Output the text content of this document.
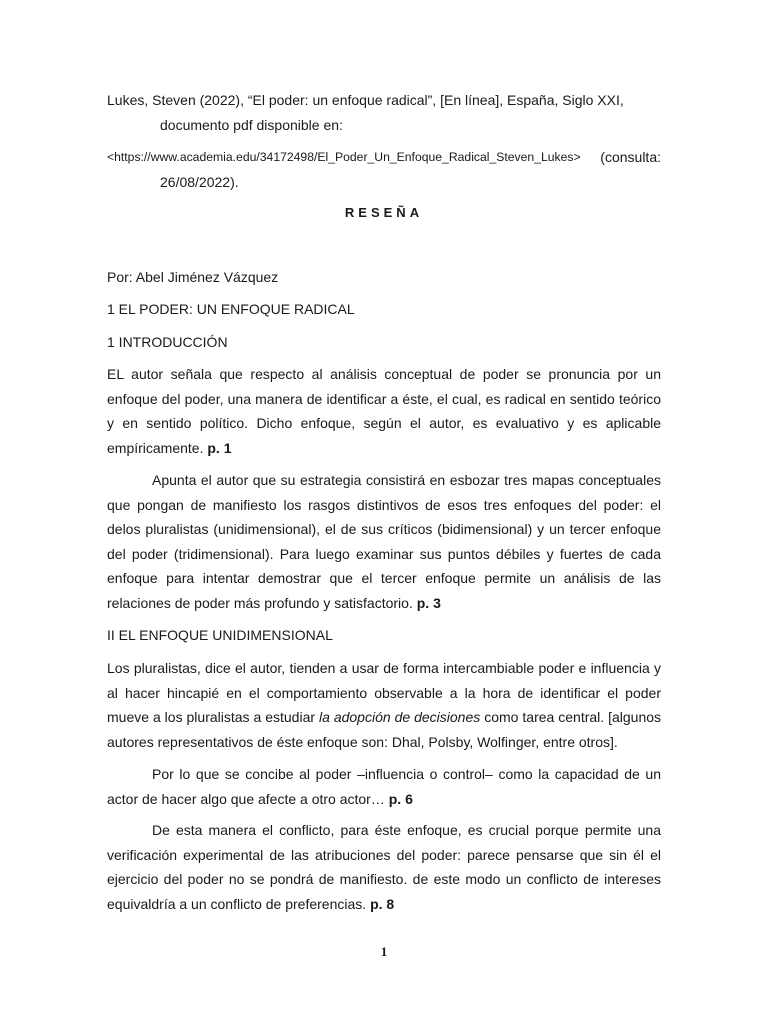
Lukes, Steven (2022), “El poder: un enfoque radical”, [En línea], España, Siglo XXI,

documento pdf disponible en:

<https://www.academia.edu/34172498/El_Poder_Un_Enfoque_Radical_Steven_Lukes> (consulta:

26/08/2022).

RESEÑA

Por: Abel Jiménez Vázquez

1 EL PODER: UN ENFOQUE RADICAL

1 INTRODUCCIÓN

EL autor señala que respecto al análisis conceptual de poder se pronuncia por un enfoque del poder, una manera de identificar a éste, el cual, es radical en sentido teórico y en sentido político. Dicho enfoque, según el autor, es evaluativo y es aplicable empíricamente. p. 1

Apunta el autor que su estrategia consistirá en esbozar tres mapas conceptuales que pongan de manifiesto los rasgos distintivos de esos tres enfoques del poder: el delos pluralistas (unidimensional), el de sus críticos (bidimensional) y un tercer enfoque del poder (tridimensional). Para luego examinar sus puntos débiles y fuertes de cada enfoque para intentar demostrar que el tercer enfoque permite un análisis de las relaciones de poder más profundo y satisfactorio. p. 3

II EL ENFOQUE UNIDIMENSIONAL

Los pluralistas, dice el autor, tienden a usar de forma intercambiable poder e influencia y al hacer hincapié en el comportamiento observable a la hora de identificar el poder mueve a los pluralistas a estudiar la adopción de decisiones como tarea central. [algunos autores representativos de éste enfoque son: Dhal, Polsby, Wolfinger, entre otros].

Por lo que se concibe al poder –influencia o control– como la capacidad de un actor de hacer algo que afecte a otro actor… p. 6

De esta manera el conflicto, para éste enfoque, es crucial porque permite una verificación experimental de las atribuciones del poder: parece pensarse que sin él el ejercicio del poder no se pondrá de manifiesto. de este modo un conflicto de intereses equivaldría a un conflicto de preferencias. p. 8

1
